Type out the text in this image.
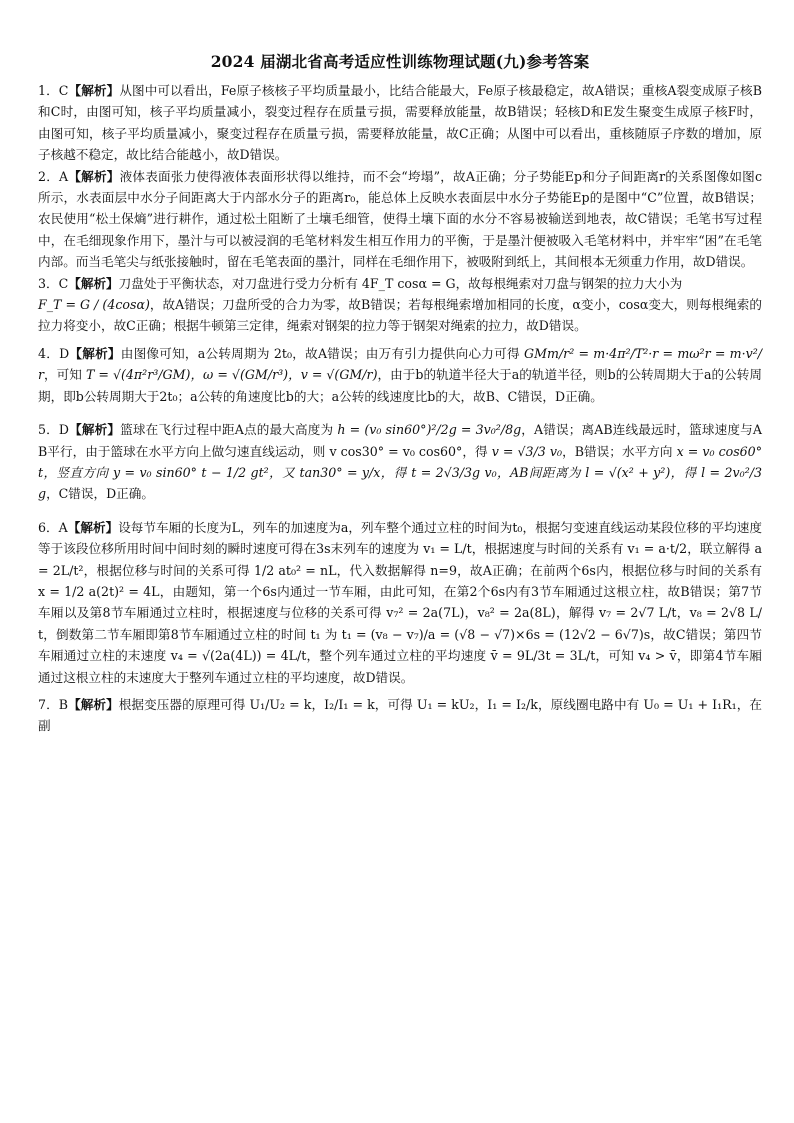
2024 届湖北省高考适应性训练物理试题(九)参考答案

1．C【解析】从图中可以看出，Fe原子核核子平均质量最小，比结合能最大，Fe原子核最稳定，故A错误；重核A裂变成原子核B和C时，由图可知，核子平均质量减小，裂变过程存在质量亏损，需要释放能量，故B错误；轻核D和E发生聚变生成原子核F时，由图可知，核子平均质量减小，聚变过程存在质量亏损，需要释放能量，故C正确；从图中可以看出，重核随原子序数的增加，原子核越不稳定，故比结合能越小，故D错误。

2．A【解析】液体表面张力使得液体表面形状得以维持，而不会“垮塌”，故A正确；分子势能Ep和分子间距离r的关系图像如图c所示，水表面层中水分子间距离大于内部水分子的距离r₀，能总体上反映水表面层中水分子势能Ep的是图中“C”位置，故B错误；农民使用“松土保熵”进行耕作，通过松土阻断了土壤毛细管，使得土壤下面的水分不容易被输送到地表，故C错误；毛笔书写过程中，在毛细现象作用下，墨汁与可以被浸润的毛笔材料发生相互作用力的平衡，于是墨汁便被吸入毛笔材料中，并牢牢“困”在毛笔内部。而当毛笔尖与纸张接触时，留在毛笔表面的墨汁，同样在毛细作用下，被吸附到纸上，其间根本无须重力作用，故D错误。

3．C【解析】刀盘处于平衡状态，对刀盘进行受力分析有 4F_T cosα = G，故每根绳索对刀盘与钢架的拉力大小为
F_T = G / (4cosα)，故A错误；刀盘所受的合力为零，故B错误；若每根绳索增加相同的长度，α变小，cosα变大，则每根绳索的拉力将变小，故C正确；根据牛顿第三定律，绳索对钢架的拉力等于钢架对绳索的拉力，故D错误。

4．D【解析】由图像可知，a公转周期为 2t₀，故A错误；由万有引力提供向心力可得 GMm/r² = m·4π²/T²·r = mω²r = m·v²/r，可知 T = √(4π²r³/GM)，ω = √(GM/r³)，v = √(GM/r)，由于b的轨道半径大于a的轨道半径，则b的公转周期大于a的公转周期，即b公转周期大于2t₀；a公转的角速度比b的大；a公转的线速度比b的大，故B、C错误，D正确。

5．D【解析】篮球在飞行过程中距A点的最大高度为 h = (v₀ sin60°)²/2g = 3v₀²/8g，A错误；离AB连线最远时，篮球速度与AB平行，由于篮球在水平方向上做匀速直线运动，则 v cos30° = v₀ cos60°，得 v = √3/3 v₀，B错误；水平方向 x = v₀ cos60° t，竖直方向 y = v₀ sin60° t − 1/2 gt²，又 tan30° = y/x，得 t = 2√3/3g v₀，AB间距离为 l = √(x² + y²)，得 l = 2v₀²/3g，C错误，D正确。

6．A【解析】设每节车厢的长度为L，列车的加速度为a，列车整个通过立柱的时间为t₀，根据匀变速直线运动某段位移的平均速度等于该段位移所用时间中间时刻的瞬时速度可得在3s末列车的速度为 v₁ = L/t，根据速度与时间的关系有 v₁ = a·t/2，联立解得 a = 2L/t²，根据位移与时间的关系可得 1/2 at₀² = nL，代入数据解得 n=9，故A正确；在前两个6s内，根据位移与时间的关系有 x = 1/2 a(2t)² = 4L，由题知，第一个6s内通过一节车厢，由此可知，在第2个6s内有3节车厢通过这根立柱，故B错误；第7节车厢以及第8节车厢通过立柱时，根据速度与位移的关系可得 v₇² = 2a(7L)，v₈² = 2a(8L)，解得 v₇ = 2√7 L/t，v₈ = 2√8 L/t，倒数第二节车厢即第8节车厢通过立柱的时间 t₁ 为 t₁ = (v₈ − v₇)/a = (√8 − √7)×6s = (12√2 − 6√7)s，故C错误；第四节车厢通过立柱的末速度 v₄ = √(2a(4L)) = 4L/t，整个列车通过立柱的平均速度 v̄ = 9L/3t = 3L/t，可知 v₄ > v̄，即第4节车厢通过这根立柱的末速度大于整列车通过立柱的平均速度，故D错误。

7．B【解析】根据变压器的原理可得 U₁/U₂ = k，I₂/I₁ = k，可得 U₁ = kU₂，I₁ = I₂/k，原线圈电路中有 U₀ = U₁ + I₁R₁，在副
